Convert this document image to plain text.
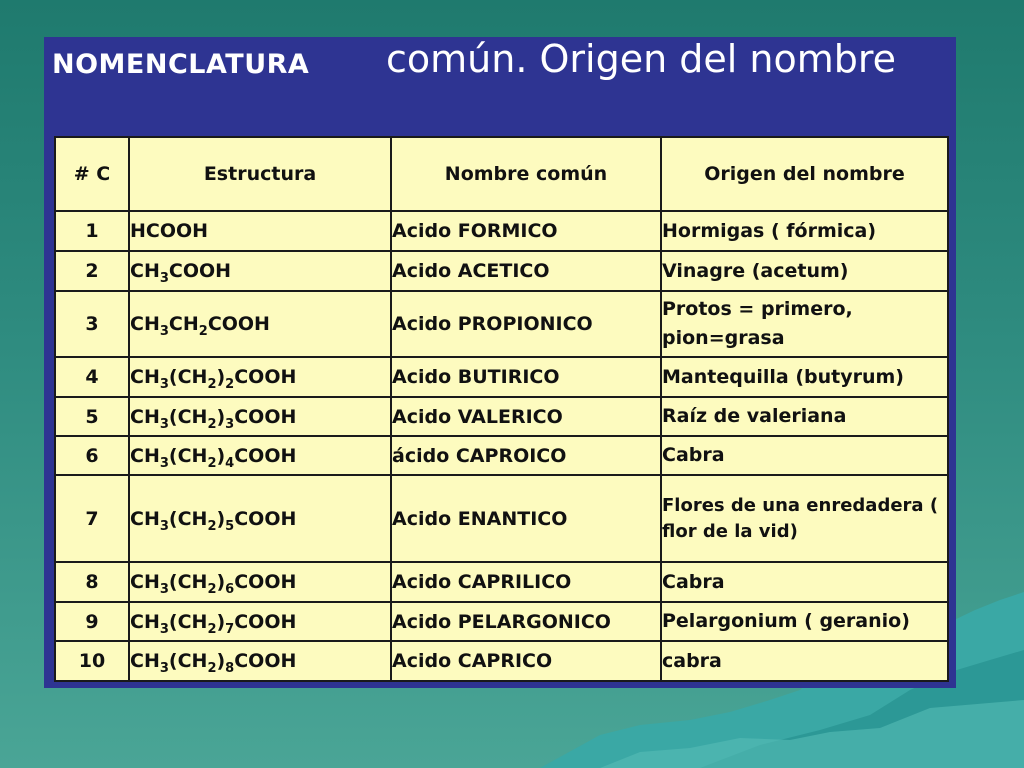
NOMENCLATURA común. Origen del nombre
# C	Estructura	Nombre común	Origen del nombre
1	HCOOH	Acido FORMICO	Hormigas ( fórmica)
2	$CH_3COOH$	Acido ACETICO	Vinagre (acetum)
3	$CH_3CH_2COOH$	Acido PROPIONICO	Protos = primero, pion=grasa
4	$CH_3(CH_2)_2COOH$	Acido BUTIRICO	Mantequilla (butyrum)
5	$CH_3(CH_2)_3COOH$	Acido VALERICO	Raíz de valeriana
6	$CH_3(CH_2)_4COOH$	ácido CAPROICO	Cabra
7	$CH_3(CH_2)_5COOH$	Acido ENANTICO	Flores de una enredadera ( flor de la vid)
8	$CH_3(CH_2)_6COOH$	Acido CAPRILICO	Cabra
9	$CH_3(CH_2)_7COOH$	Acido PELARGONICO	Pelargonium ( geranio)
10	$CH_3(CH_2)_8COOH$	Acido CAPRICO	cabra
